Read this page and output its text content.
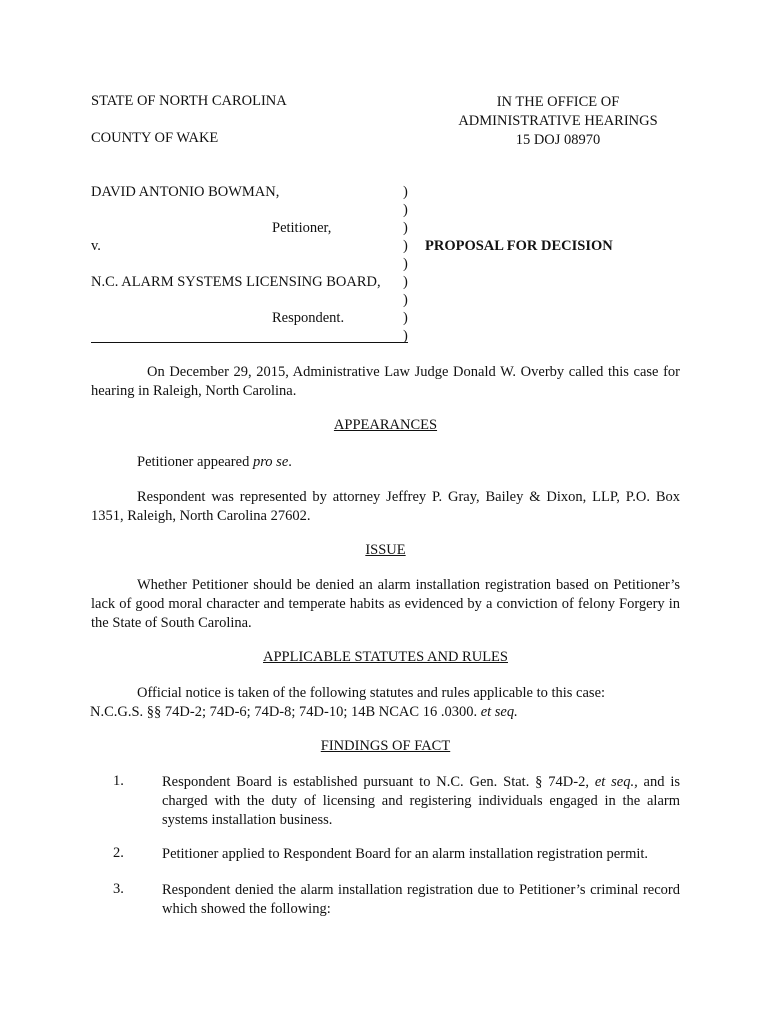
STATE OF NORTH CAROLINA
COUNTY OF WAKE
IN THE OFFICE OF
ADMINISTRATIVE HEARINGS
15 DOJ 08970
DAVID ANTONIO BOWMAN,
Petitioner,
v.
N.C. ALARM SYSTEMS LICENSING BOARD,
Respondent.
)
)
)
)
)
)
)
)
)
PROPOSAL FOR DECISION
On December 29, 2015, Administrative Law Judge Donald W. Overby called this case for hearing in Raleigh, North Carolina.
APPEARANCES
Petitioner appeared pro se.
Respondent was represented by attorney Jeffrey P. Gray, Bailey & Dixon, LLP, P.O. Box 1351, Raleigh, North Carolina 27602.
ISSUE
Whether Petitioner should be denied an alarm installation registration based on Petitioner’s lack of good moral character and temperate habits as evidenced by a conviction of felony Forgery in the State of South Carolina.
APPLICABLE STATUTES AND RULES
Official notice is taken of the following statutes and rules applicable to this case:
N.C.G.S. §§ 74D-2; 74D-6; 74D-8; 74D-10; 14B NCAC 16 .0300. et seq.
FINDINGS OF FACT
1.	Respondent Board is established pursuant to N.C. Gen. Stat. § 74D-2, et seq., and is charged with the duty of licensing and registering individuals engaged in the alarm systems installation business.
2.	Petitioner applied to Respondent Board for an alarm installation registration permit.
3.	Respondent denied the alarm installation registration due to Petitioner’s criminal record which showed the following:
